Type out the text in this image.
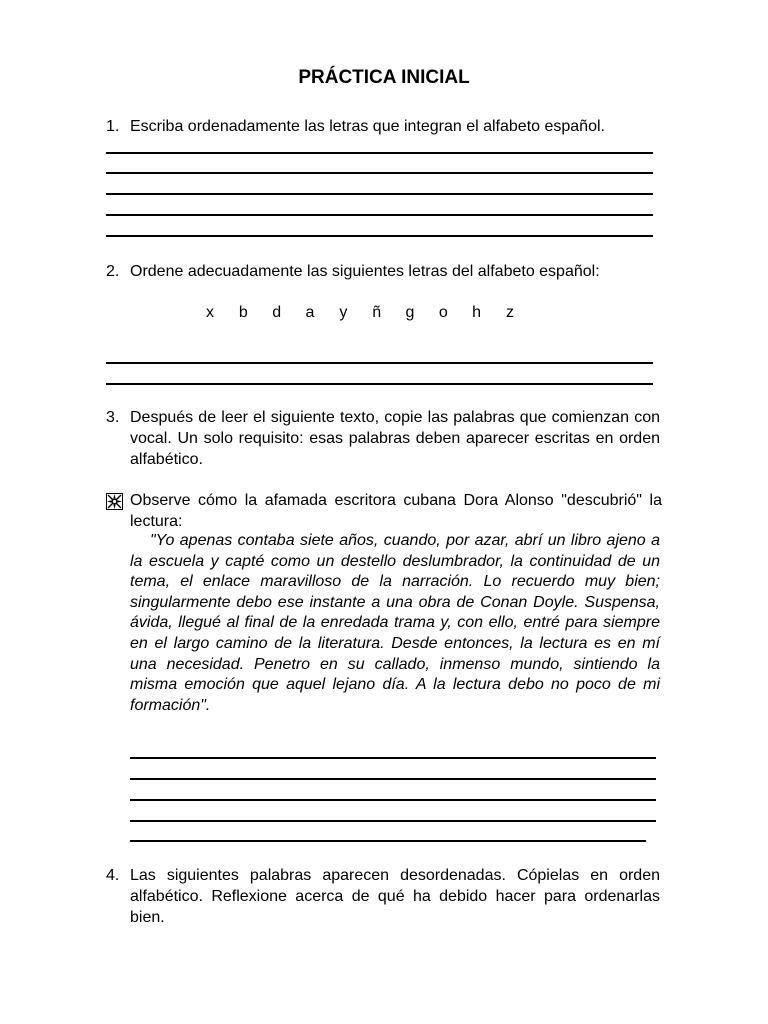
PRÁCTICA INICIAL
1. Escriba ordenadamente las letras que integran el alfabeto español.
2. Ordene adecuadamente las siguientes letras del alfabeto español:
x	b	d	a	y	ñ	g	o	h	z
3. Después de leer el siguiente texto, copie las palabras que comienzan con vocal. Un solo requisito: esas palabras deben aparecer escritas en orden alfabético.
Observe cómo la afamada escritora cubana Dora Alonso "descubrió" la lectura:
"Yo apenas contaba siete años, cuando, por azar, abrí un libro ajeno a la escuela y capté como un destello deslumbrador, la continuidad de un tema, el enlace maravilloso de la narración. Lo recuerdo muy bien; singularmente debo ese instante a una obra de Conan Doyle. Suspensa, ávida, llegué al final de la enredada trama y, con ello, entré para siempre en el largo camino de la literatura. Desde entonces, la lectura es en mí una necesidad. Penetro en su callado, inmenso mundo, sintiendo la misma emoción que aquel lejano día. A la lectura debo no poco de mi formación".
4. Las siguientes palabras aparecen desordenadas. Cópielas en orden alfabético. Reflexione acerca de qué ha debido hacer para ordenarlas bien.
